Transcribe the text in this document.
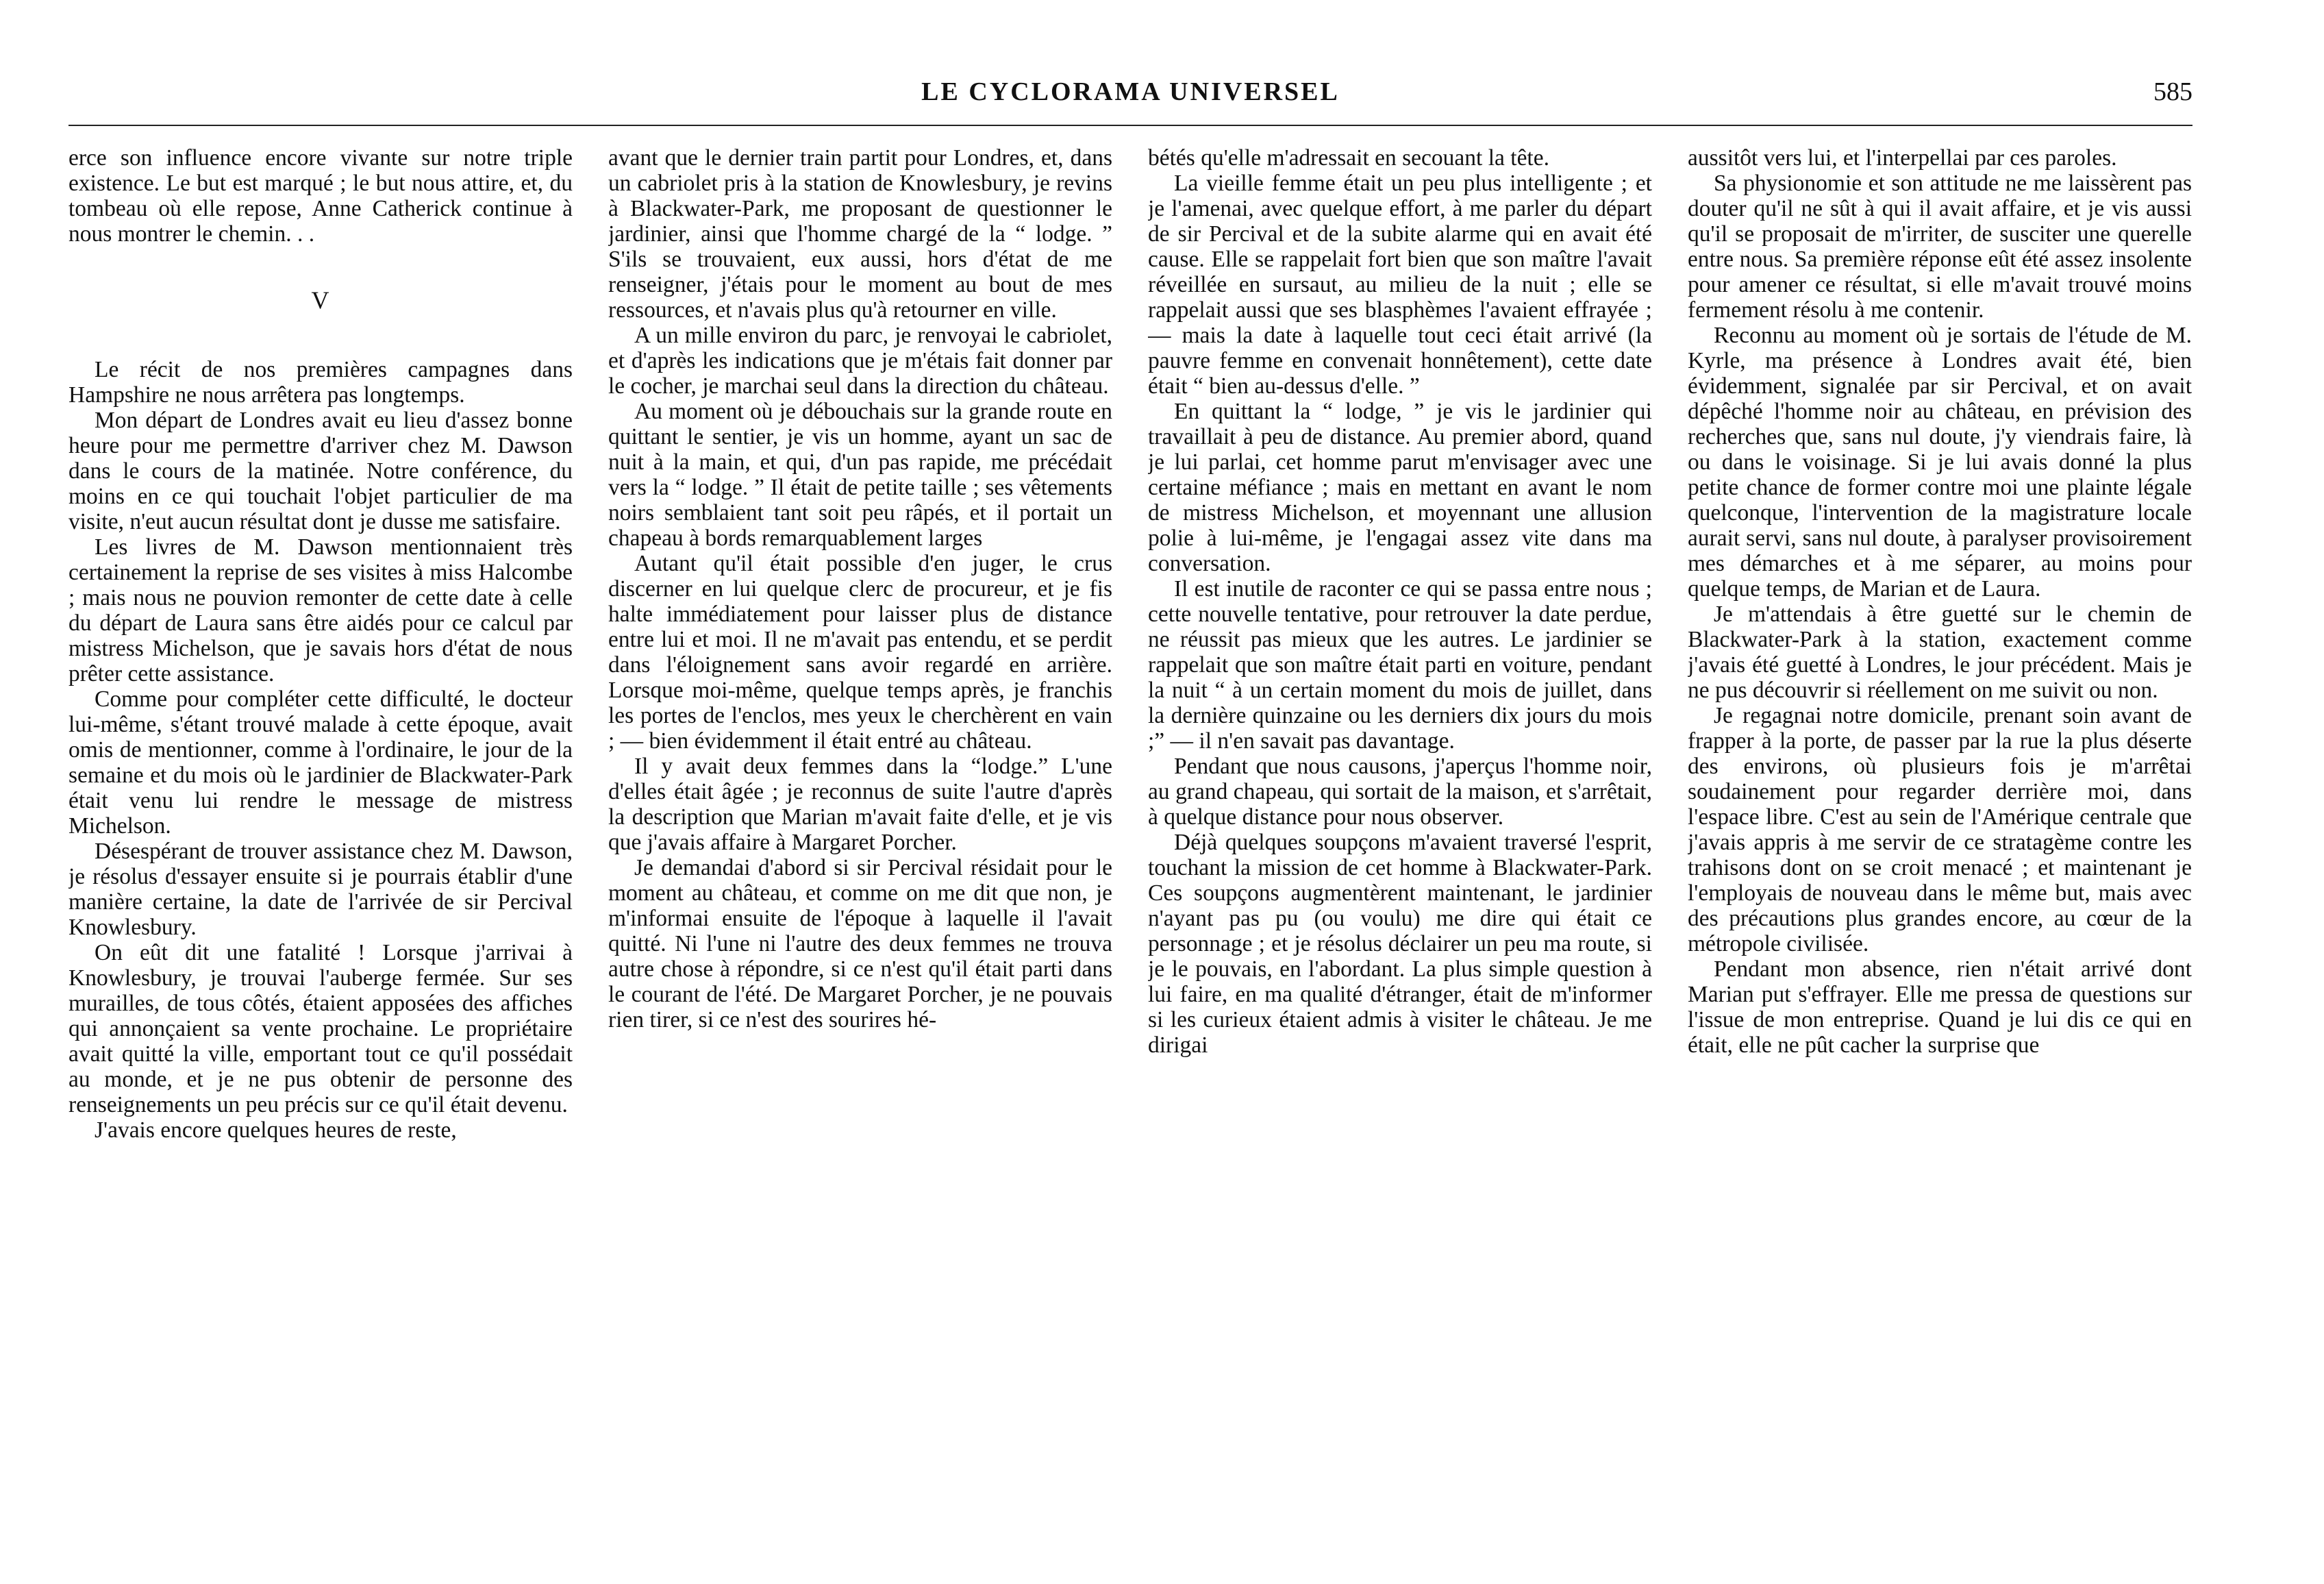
LE CYCLORAMA UNIVERSEL	585

erce son influence encore vivante sur notre triple existence. Le but est marqué ; le but nous attire, et, du tombeau où elle repose, Anne Catherick continue à nous montrer le chemin. . .

V

Le récit de nos premières campagnes dans Hampshire ne nous arrêtera pas longtemps.

Mon départ de Londres avait eu lieu d'assez bonne heure pour me permettre d'arriver chez M. Dawson dans le cours de la matinée. Notre conférence, du moins en ce qui touchait l'objet particulier de ma visite, n'eut aucun résultat dont je dusse me satisfaire.

Les livres de M. Dawson mentionnaient très certainement la reprise de ses visites à miss Halcombe ; mais nous ne pouvion remonter de cette date à celle du départ de Laura sans être aidés pour ce calcul par mistress Michelson, que je savais hors d'état de nous prêter cette assistance.

Comme pour compléter cette difficulté, le docteur lui-même, s'étant trouvé malade à cette époque, avait omis de mentionner, comme à l'ordinaire, le jour de la semaine et du mois où le jardinier de Blackwater-Park était venu lui rendre le message de mistress Michelson.

Désespérant de trouver assistance chez M. Dawson, je résolus d'essayer ensuite si je pourrais établir d'une manière certaine, la date de l'arrivée de sir Percival Knowlesbury.

On eût dit une fatalité ! Lorsque j'arrivai à Knowlesbury, je trouvai l'auberge fermée. Sur ses murailles, de tous côtés, étaient apposées des affiches qui annonçaient sa vente prochaine. Le propriétaire avait quitté la ville, emportant tout ce qu'il possédait au monde, et je ne pus obtenir de personne des renseignements un peu précis sur ce qu'il était devenu.

J'avais encore quelques heures de reste,

avant que le dernier train partit pour Londres, et, dans un cabriolet pris à la station de Knowlesbury, je revins à Blackwater-Park, me proposant de questionner le jardinier, ainsi que l'homme chargé de la “ lodge. ” S'ils se trouvaient, eux aussi, hors d'état de me renseigner, j'étais pour le moment au bout de mes ressources, et n'avais plus qu'à retourner en ville.

A un mille environ du parc, je renvoyai le cabriolet, et d'après les indications que je m'étais fait donner par le cocher, je marchai seul dans la direction du château.

Au moment où je débouchais sur la grande route en quittant le sentier, je vis un homme, ayant un sac de nuit à la main, et qui, d'un pas rapide, me précédait vers la “ lodge. ” Il était de petite taille ; ses vêtements noirs semblaient tant soit peu râpés, et il portait un chapeau à bords remarquablement larges

Autant qu'il était possible d'en juger, le crus discerner en lui quelque clerc de procureur, et je fis halte immédiatement pour laisser plus de distance entre lui et moi. Il ne m'avait pas entendu, et se perdit dans l'éloignement sans avoir regardé en arrière. Lorsque moi-même, quelque temps après, je franchis les portes de l'enclos, mes yeux le cherchèrent en vain ; — bien évidemment il était entré au château.

Il y avait deux femmes dans la “lodge.” L'une d'elles était âgée ; je reconnus de suite l'autre d'après la description que Marian m'avait faite d'elle, et je vis que j'avais affaire à Margaret Porcher.

Je demandai d'abord si sir Percival résidait pour le moment au château, et comme on me dit que non, je m'informai ensuite de l'époque à laquelle il l'avait quitté. Ni l'une ni l'autre des deux femmes ne trouva autre chose à répondre, si ce n'est qu'il était parti dans le courant de l'été. De Margaret Porcher, je ne pouvais rien tirer, si ce n'est des sourires hé-

bétés qu'elle m'adressait en secouant la tête.

La vieille femme était un peu plus intelligente ; et je l'amenai, avec quelque effort, à me parler du départ de sir Percival et de la subite alarme qui en avait été cause. Elle se rappelait fort bien que son maître l'avait réveillée en sursaut, au milieu de la nuit ; elle se rappelait aussi que ses blasphèmes l'avaient effrayée ; — mais la date à laquelle tout ceci était arrivé (la pauvre femme en convenait honnêtement), cette date était “ bien au-dessus d'elle. ”

En quittant la “ lodge, ” je vis le jardinier qui travaillait à peu de distance. Au premier abord, quand je lui parlai, cet homme parut m'envisager avec une certaine méfiance ; mais en mettant en avant le nom de mistress Michelson, et moyennant une allusion polie à lui-même, je l'engagai assez vite dans ma conversation.

Il est inutile de raconter ce qui se passa entre nous ; cette nouvelle tentative, pour retrouver la date perdue, ne réussit pas mieux que les autres. Le jardinier se rappelait que son maître était parti en voiture, pendant la nuit “ à un certain moment du mois de juillet, dans la dernière quinzaine ou les derniers dix jours du mois ;” — il n'en savait pas davantage.

Pendant que nous causons, j'aperçus l'homme noir, au grand chapeau, qui sortait de la maison, et s'arrêtait, à quelque distance pour nous observer.

Déjà quelques soupçons m'avaient traversé l'esprit, touchant la mission de cet homme à Blackwater-Park. Ces soupçons augmentèrent maintenant, le jardinier n'ayant pas pu (ou voulu) me dire qui était ce personnage ; et je résolus déclairer un peu ma route, si je le pouvais, en l'abordant. La plus simple question à lui faire, en ma qualité d'étranger, était de m'informer si les curieux étaient admis à visiter le château. Je me dirigai

aussitôt vers lui, et l'interpellai par ces paroles.

Sa physionomie et son attitude ne me laissèrent pas douter qu'il ne sût à qui il avait affaire, et je vis aussi qu'il se proposait de m'irriter, de susciter une querelle entre nous. Sa première réponse eût été assez insolente pour amener ce résultat, si elle m'avait trouvé moins fermement résolu à me contenir.

Reconnu au moment où je sortais de l'étude de M. Kyrle, ma présence à Londres avait été, bien évidemment, signalée par sir Percival, et on avait dépêché l'homme noir au château, en prévision des recherches que, sans nul doute, j'y viendrais faire, là ou dans le voisinage. Si je lui avais donné la plus petite chance de former contre moi une plainte légale quelconque, l'intervention de la magistrature locale aurait servi, sans nul doute, à paralyser provisoirement mes démarches et à me séparer, au moins pour quelque temps, de Marian et de Laura.

Je m'attendais à être guetté sur le chemin de Blackwater-Park à la station, exactement comme j'avais été guetté à Londres, le jour précédent. Mais je ne pus découvrir si réellement on me suivit ou non.

Je regagnai notre domicile, prenant soin avant de frapper à la porte, de passer par la rue la plus déserte des environs, où plusieurs fois je m'arrêtai soudainement pour regarder derrière moi, dans l'espace libre. C'est au sein de l'Amérique centrale que j'avais appris à me servir de ce stratagème contre les trahisons dont on se croit menacé ; et maintenant je l'employais de nouveau dans le même but, mais avec des précautions plus grandes encore, au cœur de la métropole civilisée.

Pendant mon absence, rien n'était arrivé dont Marian put s'effrayer. Elle me pressa de questions sur l'issue de mon entreprise. Quand je lui dis ce qui en était, elle ne pût cacher la surprise que
